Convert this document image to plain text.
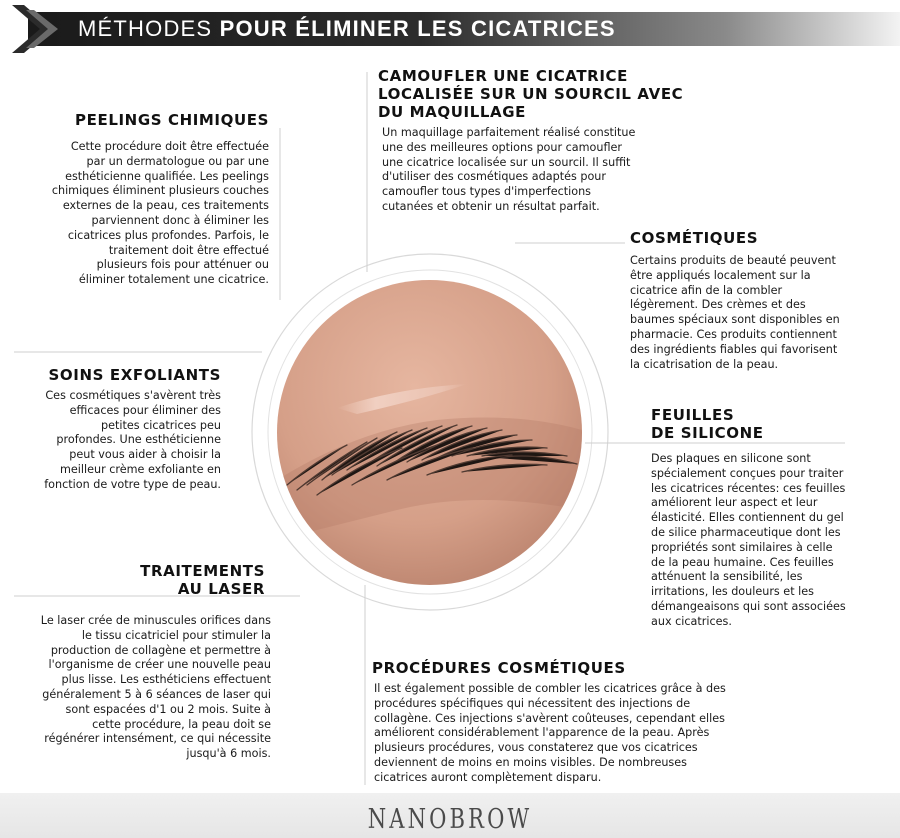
MÉTHODES POUR ÉLIMINER LES CICATRICES
PEELINGS CHIMIQUES

Cette procédure doit être effectuée
par un dermatologue ou par une
esthéticienne qualifiée. Les peelings
chimiques éliminent plusieurs couches
externes de la peau, ces traitements
parviennent donc à éliminer les
cicatrices plus profondes. Parfois, le
traitement doit être effectué
plusieurs fois pour atténuer ou
éliminer totalement une cicatrice.

CAMOUFLER UNE CICATRICE
LOCALISÉE SUR UN SOURCIL AVEC
DU MAQUILLAGE

Un maquillage parfaitement réalisé constitue
une des meilleures options pour camoufler
une cicatrice localisée sur un sourcil. Il suffit
d'utiliser des cosmétiques adaptés pour
camoufler tous types d'imperfections
cutanées et obtenir un résultat parfait.

COSMÉTIQUES

Certains produits de beauté peuvent
être appliqués localement sur la
cicatrice afin de la combler
légèrement. Des crèmes et des
baumes spéciaux sont disponibles en
pharmacie. Ces produits contiennent
des ingrédients fiables qui favorisent
la cicatrisation de la peau.

SOINS EXFOLIANTS

Ces cosmétiques s'avèrent très
efficaces pour éliminer des
petites cicatrices peu
profondes. Une esthéticienne
peut vous aider à choisir la
meilleur crème exfoliante en
fonction de votre type de peau.

FEUILLES
DE SILICONE

Des plaques en silicone sont
spécialement conçues pour traiter
les cicatrices récentes: ces feuilles
améliorent leur aspect et leur
élasticité. Elles contiennent du gel
de silice pharmaceutique dont les
propriétés sont similaires à celle
de la peau humaine. Ces feuilles
atténuent la sensibilité, les
irritations, les douleurs et les
démangeaisons qui sont associées
aux cicatrices.

TRAITEMENTS
AU LASER

Le laser crée de minuscules orifices dans
le tissu cicatriciel pour stimuler la
production de collagène et permettre à
l'organisme de créer une nouvelle peau
plus lisse. Les esthéticiens effectuent
généralement 5 à 6 séances de laser qui
sont espacées d'1 ou 2 mois. Suite à
cette procédure, la peau doit se
régénérer intensément, ce qui nécessite
jusqu'à 6 mois.

PROCÉDURES COSMÉTIQUES

Il est également possible de combler les cicatrices grâce à des
procédures spécifiques qui nécessitent des injections de
collagène. Ces injections s'avèrent coûteuses, cependant elles
améliorent considérablement l'apparence de la peau. Après
plusieurs procédures, vous constaterez que vos cicatrices
deviennent de moins en moins visibles. De nombreuses
cicatrices auront complètement disparu.

NANOBROW
